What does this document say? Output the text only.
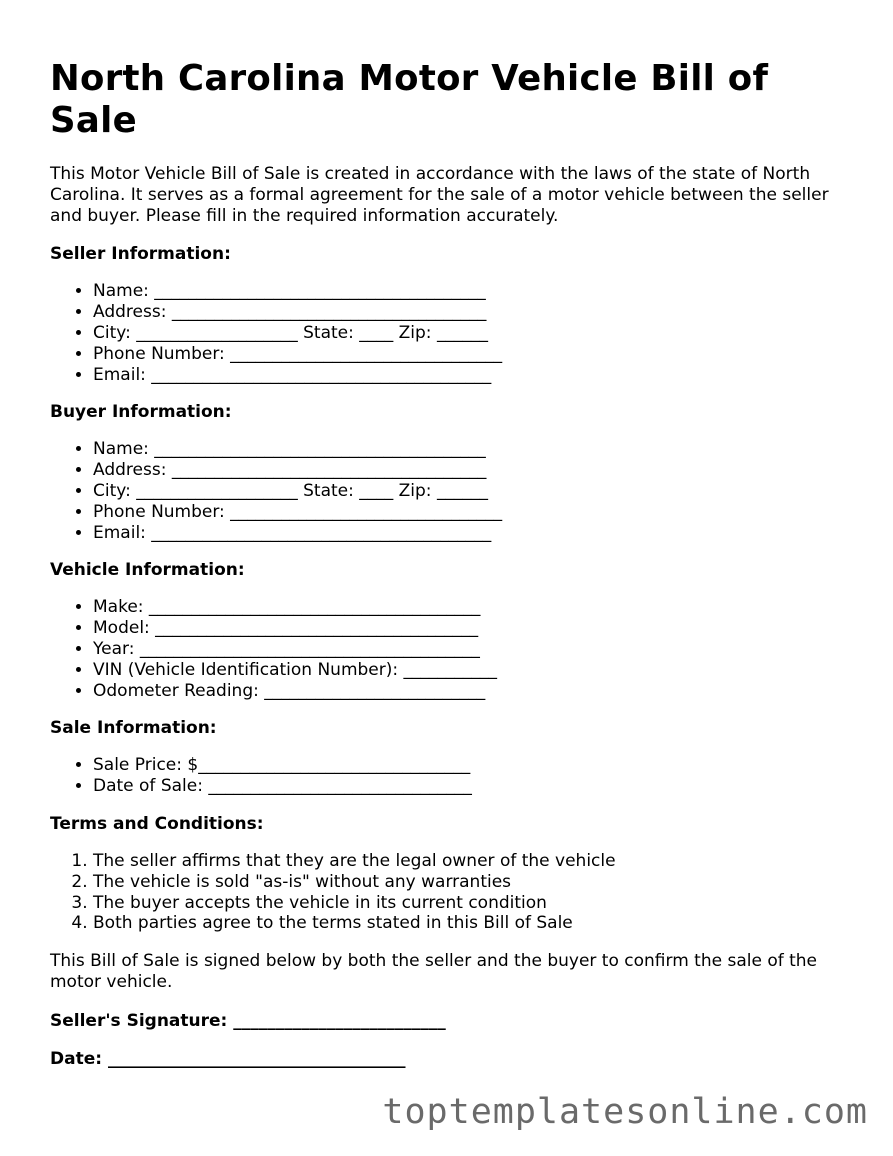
North Carolina Motor Vehicle Bill of Sale

This Motor Vehicle Bill of Sale is created in accordance with the laws of the state of North Carolina. It serves as a formal agreement for the sale of a motor vehicle between the seller and buyer. Please fill in the required information accurately.

Seller Information:
• Name: _______________________________________
• Address: _____________________________________
• City: ___________________ State: ____ Zip: ______
• Phone Number: ________________________________
• Email: ________________________________________
Buyer Information:
• Name: _______________________________________
• Address: _____________________________________
• City: ___________________ State: ____ Zip: ______
• Phone Number: ________________________________
• Email: ________________________________________
Vehicle Information:
• Make: _______________________________________
• Model: ______________________________________
• Year: ________________________________________
• VIN (Vehicle Identification Number): ___________
• Odometer Reading: __________________________
Sale Information:
• Sale Price: $________________________________
• Date of Sale: _______________________________
Terms and Conditions:
1. The seller affirms that they are the legal owner of the vehicle
2. The vehicle is sold "as-is" without any warranties
3. The buyer accepts the vehicle in its current condition
4. Both parties agree to the terms stated in this Bill of Sale

This Bill of Sale is signed below by both the seller and the buyer to confirm the sale of the motor vehicle.

Seller's Signature: _________________________
Date: ___________________________________
toptemplatesonline.com
